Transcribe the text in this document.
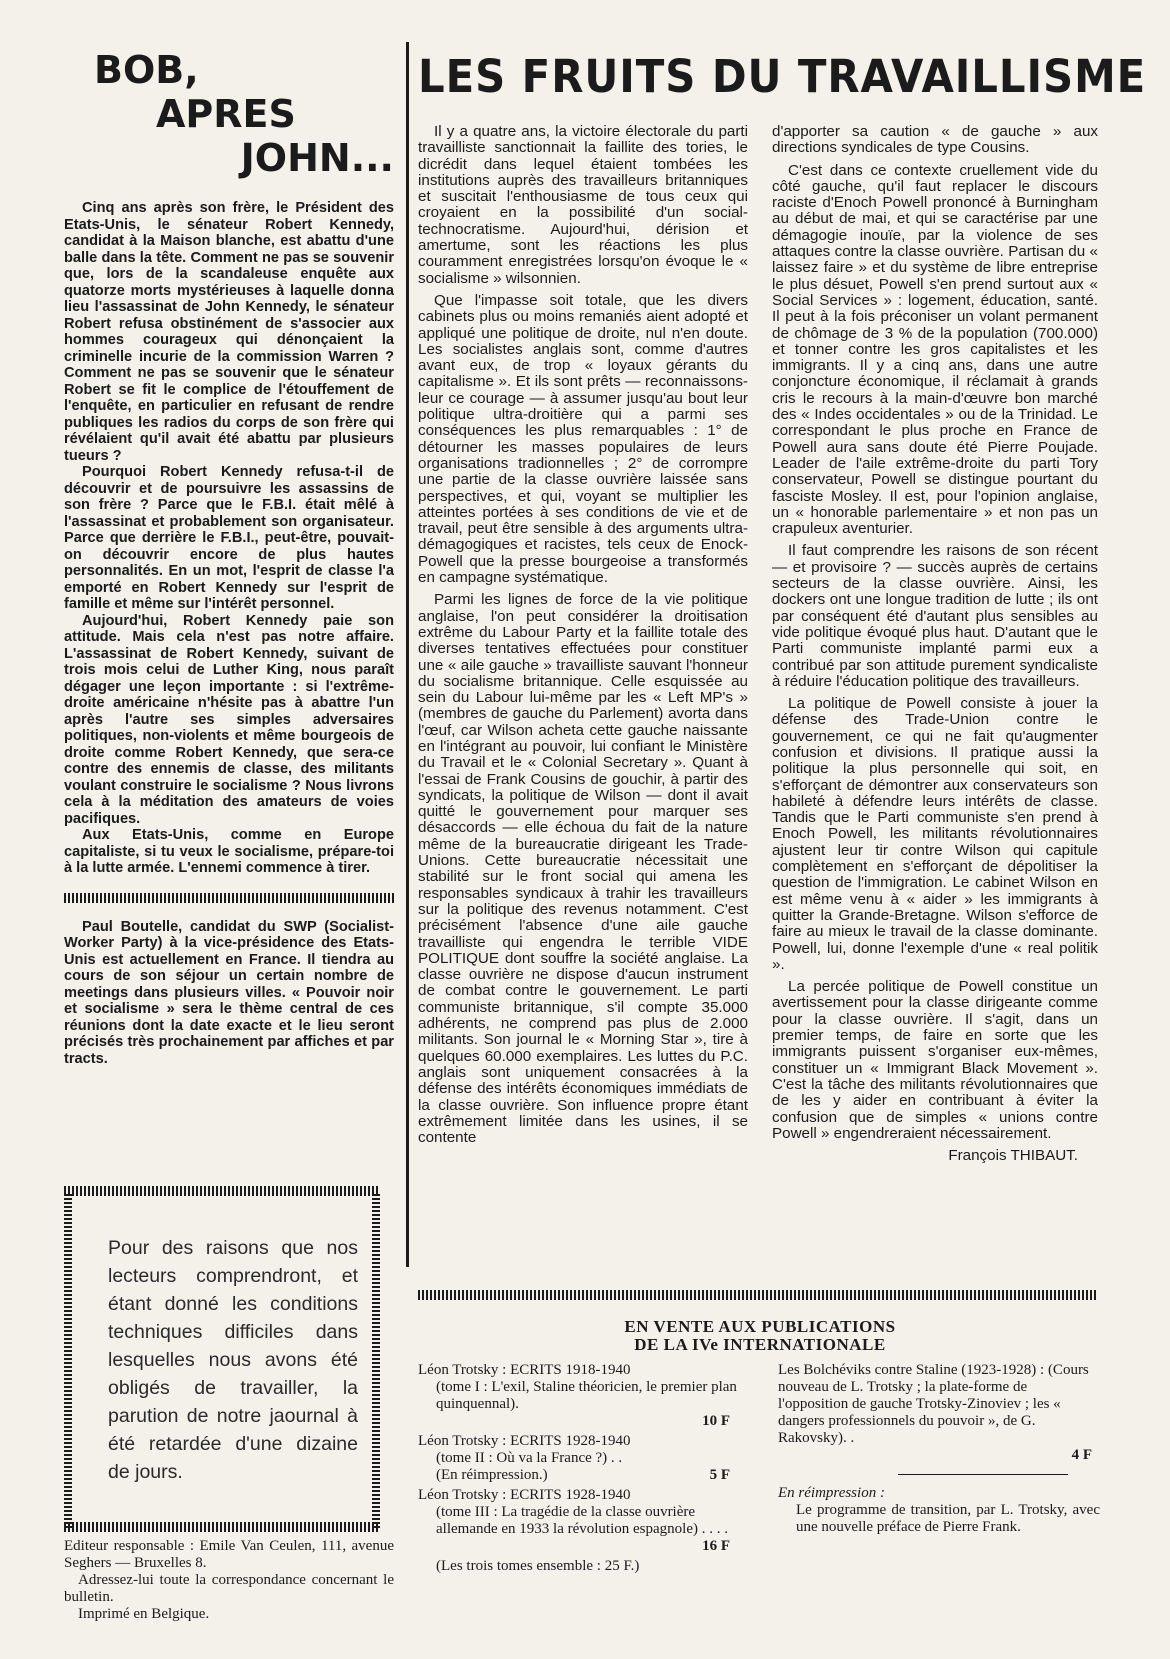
BOB,
APRES
JOHN...

Cinq ans après son frère, le Président des Etats-Unis, le sénateur Robert Kennedy, candidat à la Maison blanche, est abattu d'une balle dans la tête. Comment ne pas se souvenir que, lors de la scandaleuse enquête aux quatorze morts mystérieuses à laquelle donna lieu l'assassinat de John Kennedy, le sénateur Robert refusa obstinément de s'associer aux hommes courageux qui dénonçaient la criminelle incurie de la commission Warren ? Comment ne pas se souvenir que le sénateur Robert se fit le complice de l'étouffement de l'enquête, en particulier en refusant de rendre publiques les radios du corps de son frère qui révélaient qu'il avait été abattu par plusieurs tueurs ?

Pourquoi Robert Kennedy refusa-t-il de découvrir et de poursuivre les assassins de son frère ? Parce que le F.B.I. était mêlé à l'assassinat et probablement son organisateur. Parce que derrière le F.B.I., peut-être, pouvait-on découvrir encore de plus hautes personnalités. En un mot, l'esprit de classe l'a emporté en Robert Kennedy sur l'esprit de famille et même sur l'intérêt personnel.

Aujourd'hui, Robert Kennedy paie son attitude. Mais cela n'est pas notre affaire. L'assassinat de Robert Kennedy, suivant de trois mois celui de Luther King, nous paraît dégager une leçon importante : si l'extrême-droite américaine n'hésite pas à abattre l'un après l'autre ses simples adversaires politiques, non-violents et même bourgeois de droite comme Robert Kennedy, que sera-ce contre des ennemis de classe, des militants voulant construire le socialisme ? Nous livrons cela à la méditation des amateurs de voies pacifiques.

Aux Etats-Unis, comme en Europe capitaliste, si tu veux le socialisme, prépare-toi à la lutte armée. L'ennemi commence à tirer.

Paul Boutelle, candidat du SWP (Socialist-Worker Party) à la vice-présidence des Etats-Unis est actuellement en France. Il tiendra au cours de son séjour un certain nombre de meetings dans plusieurs villes. « Pouvoir noir et socialisme » sera le thème central de ces réunions dont la date exacte et le lieu seront précisés très prochainement par affiches et par tracts.

Pour des raisons que nos lecteurs comprendront, et étant donné les conditions techniques difficiles dans lesquelles nous avons été obligés de travailler, la parution de notre jaournal à été retardée d'une dizaine de jours.

Editeur responsable : Emile Van Ceulen, 111, avenue Seghers — Bruxelles 8.

Adressez-lui toute la correspondance concernant le bulletin.

Imprimé en Belgique.

LES FRUITS DU TRAVAILLISME

Il y a quatre ans, la victoire électorale du parti travailliste sanctionnait la faillite des tories, le dicrédit dans lequel étaient tombées les institutions auprès des travailleurs britanniques et suscitait l'enthousiasme de tous ceux qui croyaient en la possibilité d'un social-technocratisme. Aujourd'hui, dérision et amertume, sont les réactions les plus couramment enregistrées lorsqu'on évoque le « socialisme » wilsonnien.

Que l'impasse soit totale, que les divers cabinets plus ou moins remaniés aient adopté et appliqué une politique de droite, nul n'en doute. Les socialistes anglais sont, comme d'autres avant eux, de trop « loyaux gérants du capitalisme ». Et ils sont prêts — reconnaissons-leur ce courage — à assumer jusqu'au bout leur politique ultra-droitière qui a parmi ses conséquences les plus remarquables : 1° de détourner les masses populaires de leurs organisations tradionnelles ; 2° de corrompre une partie de la classe ouvrière laissée sans perspectives, et qui, voyant se multiplier les atteintes portées à ses conditions de vie et de travail, peut être sensible à des arguments ultra-démagogiques et racistes, tels ceux de Enock-Powell que la presse bourgeoise a transformés en campagne systématique.

Parmi les lignes de force de la vie politique anglaise, l'on peut considérer la droitisation extrême du Labour Party et la faillite totale des diverses tentatives effectuées pour constituer une « aile gauche » travailliste sauvant l'honneur du socialisme britannique. Celle esquissée au sein du Labour lui-même par les « Left MP's » (membres de gauche du Parlement) avorta dans l'œuf, car Wilson acheta cette gauche naissante en l'intégrant au pouvoir, lui confiant le Ministère du Travail et le « Colonial Secretary ». Quant à l'essai de Frank Cousins de gouchir, à partir des syndicats, la politique de Wilson — dont il avait quitté le gouvernement pour marquer ses désaccords — elle échoua du fait de la nature même de la bureaucratie dirigeant les Trade-Unions. Cette bureaucratie nécessitait une stabilité sur le front social qui amena les responsables syndicaux à trahir les travailleurs sur la politique des revenus notamment. C'est précisément l'absence d'une aile gauche travailliste qui engendra le terrible VIDE POLITIQUE dont souffre la société anglaise. La classe ouvrière ne dispose d'aucun instrument de combat contre le gouvernement. Le parti communiste britannique, s'il compte 35.000 adhérents, ne comprend pas plus de 2.000 militants. Son journal le « Morning Star », tire à quelques 60.000 exemplaires. Les luttes du P.C. anglais sont uniquement consacrées à la défense des intérêts économiques immédiats de la classe ouvrière. Son influence propre étant extrêmement limitée dans les usines, il se contente

d'apporter sa caution « de gauche » aux directions syndicales de type Cousins.

C'est dans ce contexte cruellement vide du côté gauche, qu'il faut replacer le discours raciste d'Enoch Powell prononcé à Burningham au début de mai, et qui se caractérise par une démagogie inouïe, par la violence de ses attaques contre la classe ouvrière. Partisan du « laissez faire » et du système de libre entreprise le plus désuet, Powell s'en prend surtout aux « Social Services » : logement, éducation, santé. Il peut à la fois préconiser un volant permanent de chômage de 3 % de la population (700.000) et tonner contre les gros capitalistes et les immigrants. Il y a cinq ans, dans une autre conjoncture économique, il réclamait à grands cris le recours à la main-d'œuvre bon marché des « Indes occidentales » ou de la Trinidad. Le correspondant le plus proche en France de Powell aura sans doute été Pierre Poujade. Leader de l'aile extrême-droite du parti Tory conservateur, Powell se distingue pourtant du fasciste Mosley. Il est, pour l'opinion anglaise, un « honorable parlementaire » et non pas un crapuleux aventurier.

Il faut comprendre les raisons de son récent — et provisoire ? — succès auprès de certains secteurs de la classe ouvrière. Ainsi, les dockers ont une longue tradition de lutte ; ils ont par conséquent été d'autant plus sensibles au vide politique évoqué plus haut. D'autant que le Parti communiste implanté parmi eux a contribué par son attitude purement syndicaliste à réduire l'éducation politique des travailleurs.

La politique de Powell consiste à jouer la défense des Trade-Union contre le gouvernement, ce qui ne fait qu'augmenter confusion et divisions. Il pratique aussi la politique la plus personnelle qui soit, en s'efforçant de démontrer aux conservateurs son habileté à défendre leurs intérêts de classe. Tandis que le Parti communiste s'en prend à Enoch Powell, les militants révolutionnaires ajustent leur tir contre Wilson qui capitule complètement en s'efforçant de dépolitiser la question de l'immigration. Le cabinet Wilson en est même venu à « aider » les immigrants à quitter la Grande-Bretagne. Wilson s'efforce de faire au mieux le travail de la classe dominante. Powell, lui, donne l'exemple d'une « real politik ».

La percée politique de Powell constitue un avertissement pour la classe dirigeante comme pour la classe ouvrière. Il s'agit, dans un premier temps, de faire en sorte que les immigrants puissent s'organiser eux-mêmes, constituer un « Immigrant Black Movement ». C'est la tâche des militants révolutionnaires que de les y aider en contribuant à éviter la confusion que de simples « unions contre Powell » engendreraient nécessairement.

François THIBAUT.
EN VENTE AUX PUBLICATIONS
DE LA IVe INTERNATIONALE
Léon Trotsky : ECRITS 1918-1940
(tome I : L'exil, Staline théoricien, le premier plan quinquennal).
10 F
Léon Trotsky : ECRITS 1928-1940
(tome II : Où va la France ?) . .
(En réimpression.)	5 F
Léon Trotsky : ECRITS 1928-1940
(tome III : La tragédie de la classe ouvrière allemande en 1933 la révolution espagnole) . . . .
16 F
(Les trois tomes ensemble : 25 F.)
Les Bolchéviks contre Staline (1923-1928) : (Cours nouveau de L. Trotsky ; la plate-forme de l'opposition de gauche Trotsky-Zinoviev ; les « dangers professionnels du pouvoir », de G. Rakovsky). .
4 F
En réimpression :
Le programme de transition, par L. Trotsky, avec une nouvelle préface de Pierre Frank.
